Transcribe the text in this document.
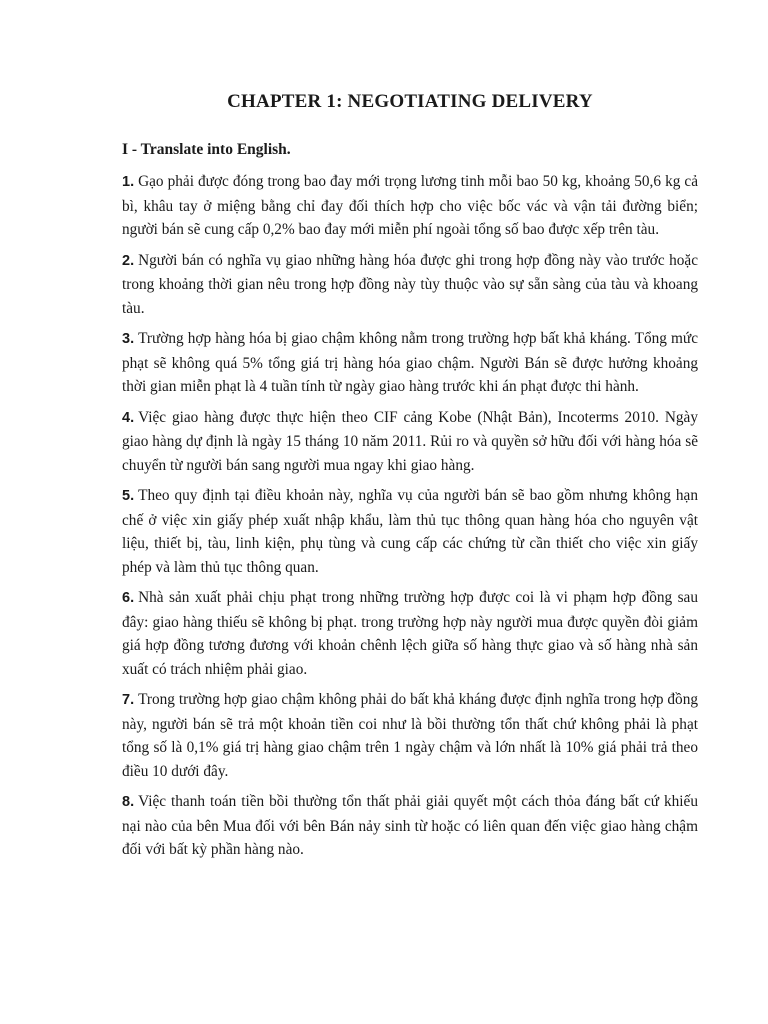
CHAPTER 1: NEGOTIATING DELIVERY
I - Translate into English.

1. Gạo phải được đóng trong bao đay mới trọng lương tinh mỗi bao 50 kg, khoảng 50,6 kg cả bì, khâu tay ở miệng bằng chỉ đay đối thích hợp cho việc bốc vác và vận tải đường biển; người bán sẽ cung cấp 0,2% bao đay mới miễn phí ngoài tổng số bao được xếp trên tàu.

2. Người bán có nghĩa vụ giao những hàng hóa được ghi trong hợp đồng này vào trước hoặc trong khoảng thời gian nêu trong hợp đồng này tùy thuộc vào sự sẵn sàng của tàu và khoang tàu.

3. Trường hợp hàng hóa bị giao chậm không nằm trong trường hợp bất khả kháng. Tổng mức phạt sẽ không quá 5% tổng giá trị hàng hóa giao chậm. Người Bán sẽ được hưởng khoảng thời gian miễn phạt là 4 tuần tính từ ngày giao hàng trước khi án phạt được thi hành.

4. Việc giao hàng được thực hiện theo CIF cảng Kobe (Nhật Bản), Incoterms 2010. Ngày giao hàng dự định là ngày 15 tháng 10 năm 2011. Rủi ro và quyền sở hữu đối với hàng hóa sẽ chuyển từ người bán sang người mua ngay khi giao hàng.

5. Theo quy định tại điều khoản này, nghĩa vụ của người bán sẽ bao gồm nhưng không hạn chế ở việc xin giấy phép xuất nhập khẩu, làm thủ tục thông quan hàng hóa cho nguyên vật liệu, thiết bị, tàu, linh kiện, phụ tùng và cung cấp các chứng từ cần thiết cho việc xin giấy phép và làm thủ tục thông quan.

6. Nhà sản xuất phải chịu phạt trong những trường hợp được coi là vi phạm hợp đồng sau đây: giao hàng thiếu sẽ không bị phạt. trong trường hợp này người mua được quyền đòi giảm giá hợp đồng tương đương với khoản chênh lệch giữa số hàng thực giao và số hàng nhà sản xuất có trách nhiệm phải giao.

7. Trong trường hợp giao chậm không phải do bất khả kháng được định nghĩa trong hợp đồng này, người bán sẽ trả một khoản tiền coi như là bồi thường tổn thất chứ không phải là phạt tổng số là 0,1% giá trị hàng giao chậm trên 1 ngày chậm và lớn nhất là 10% giá phải trả theo điều 10 dưới đây.

8. Việc thanh toán tiền bồi thường tổn thất phải giải quyết một cách thỏa đáng bất cứ khiếu nại nào của bên Mua đối với bên Bán nảy sinh từ hoặc có liên quan đến việc giao hàng chậm đối với bất kỳ phần hàng nào.
